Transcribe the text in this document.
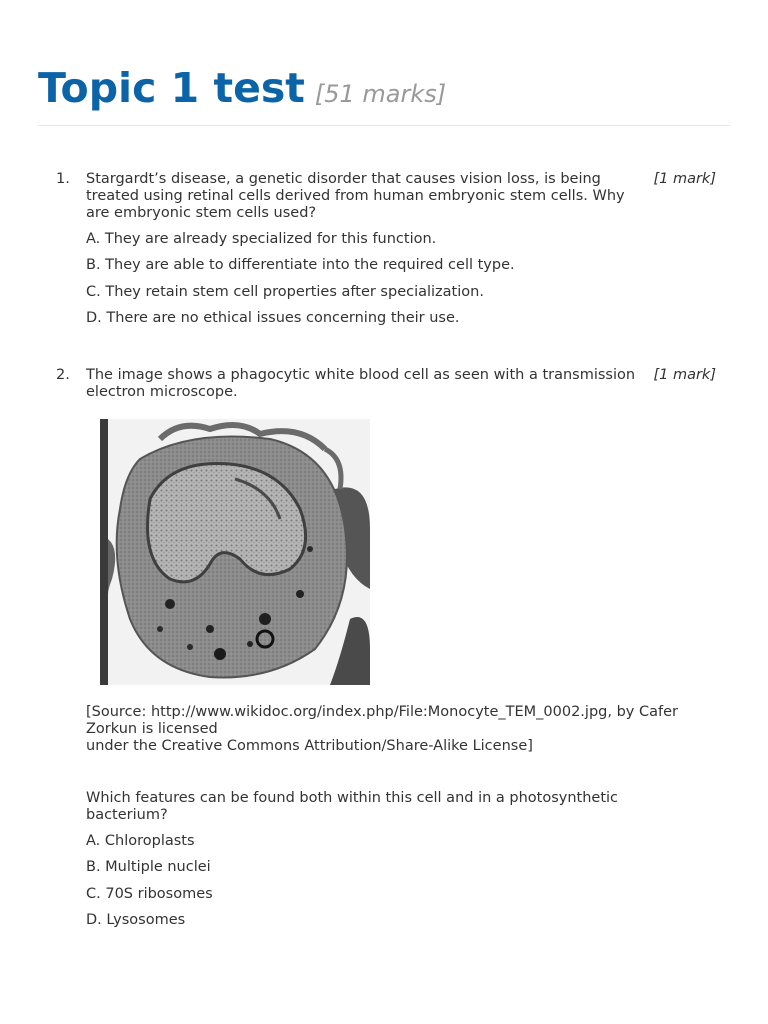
Topic 1 test [51 marks]
1.	[1 mark]
Stargardt’s disease, a genetic disorder that causes vision loss, is being treated using retinal cells derived from human embryonic stem cells. Why are embryonic stem cells used?
A. They are already specialized for this function.
B. They are able to differentiate into the required cell type.
C. They retain stem cell properties after specialization.
D. There are no ethical issues concerning their use.
2.	[1 mark]
The image shows a phagocytic white blood cell as seen with a transmission electron microscope.
[Source: http://www.wikidoc.org/index.php/File:Monocyte_TEM_0002.jpg, by Cafer Zorkun is licensed
under the Creative Commons Attribution/Share-Alike License]
Which features can be found both within this cell and in a photosynthetic bacterium?
A. Chloroplasts
B. Multiple nuclei
C. 70S ribosomes
D. Lysosomes
